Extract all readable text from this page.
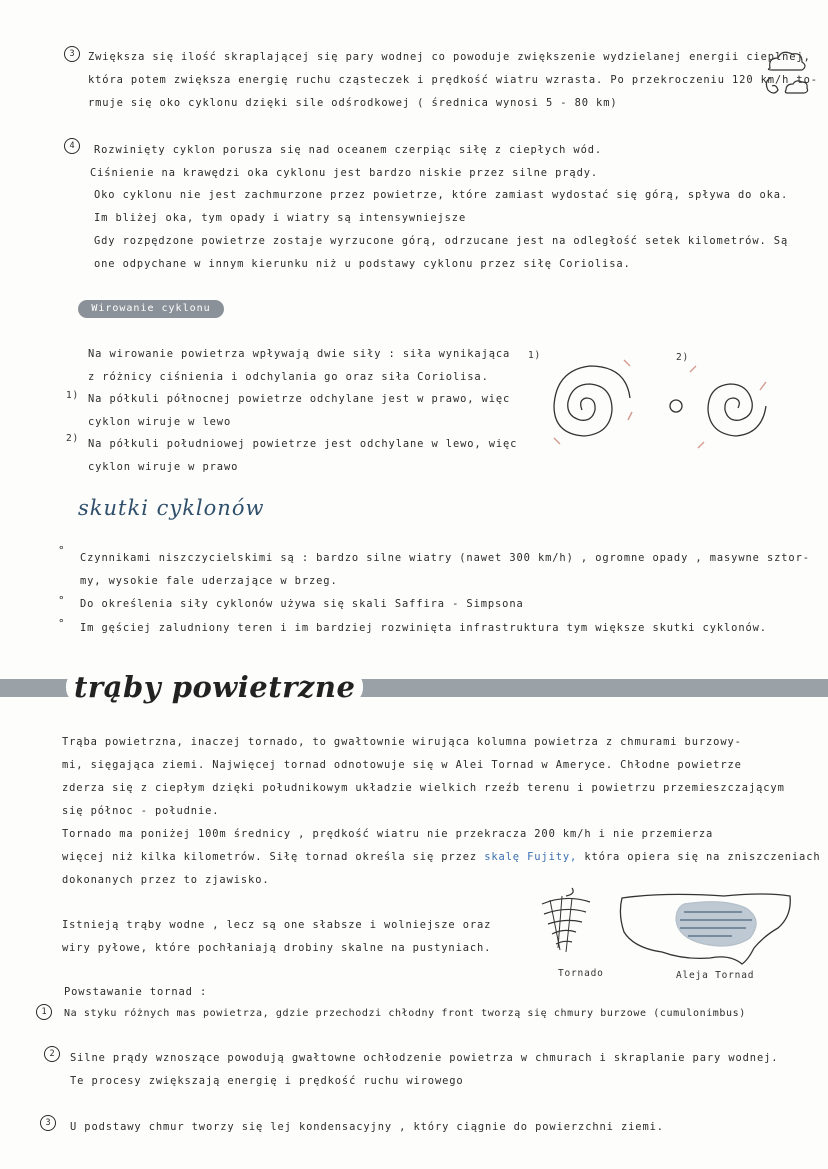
3	Zwiększa się ilość skraplającej się pary wodnej co powoduje zwiększenie wydzielanej energii cieplnej,
która potem zwiększa energię ruchu cząsteczek i prędkość wiatru wzrasta. Po przekroczeniu 120 km/h to-
rmuje się oko cyklonu dzięki sile odśrodkowej ( średnica wynosi 5 - 80 km)
4	Rozwinięty cyklon porusza się nad oceanem czerpiąc siłę z ciepłych wód.
Ciśnienie na krawędzi oka cyklonu jest bardzo niskie przez silne prądy.
Oko cyklonu nie jest zachmurzone przez powietrze, które zamiast wydostać się górą, spływa do oka.
Im bliżej oka, tym opady i wiatry są intensywniejsze
Gdy rozpędzone powietrze zostaje wyrzucone górą, odrzucane jest na odległość setek kilometrów. Są
one odpychane w innym kierunku niż u podstawy cyklonu przez siłę Coriolisa.
Wirowanie cyklonu
Na wirowanie powietrza wpływają dwie siły : siła wynikająca
z różnicy ciśnienia i odchylania go oraz siła Coriolisa.
1) Na półkuli północnej powietrze odchylane jest w prawo, więc
cyklon wiruje w lewo
2) Na półkuli południowej powietrze jest odchylane w lewo, więc
cyklon wiruje w prawo
1)	2)
skutki cyklonów
°
Czynnikami niszczycielskimi są : bardzo silne wiatry (nawet 300 km/h) , ogromne opady , masywne sztor-
my, wysokie fale uderzające w brzeg.
° Do określenia siły cyklonów używa się skali Saffira - Simpsona
° Im gęściej zaludniony teren i im bardziej rozwinięta infrastruktura tym większe skutki cyklonów.
trąby powietrzne
Trąba powietrzna, inaczej tornado, to gwałtownie wirująca kolumna powietrza z chmurami burzowy-
mi, sięgająca ziemi. Najwięcej tornad odnotowuje się w Alei Tornad w Ameryce. Chłodne powietrze
zderza się z ciepłym dzięki południkowym układzie wielkich rzeźb terenu i powietrzu przemieszczającym
się północ - południe.
Tornado ma poniżej 100m średnicy , prędkość wiatru nie przekracza 200 km/h i nie przemierza
więcej niż kilka kilometrów. Siłę tornad określa się przez skalę Fujity, która opiera się na zniszczeniach
dokonanych przez to zjawisko.
Istnieją trąby wodne , lecz są one słabsze i wolniejsze oraz
wiry pyłowe, które pochłaniają drobiny skalne na pustyniach.
Tornado	Aleja Tornad
Powstawanie tornad :
1	Na styku różnych mas powietrza, gdzie przechodzi chłodny front tworzą się chmury burzowe (cumulonimbus)
2	Silne prądy wznoszące powodują gwałtowne ochłodzenie powietrza w chmurach i skraplanie pary wodnej.
Te procesy zwiększają energię i prędkość ruchu wirowego
3	U podstawy chmur tworzy się lej kondensacyjny , który ciągnie do powierzchni ziemi.
